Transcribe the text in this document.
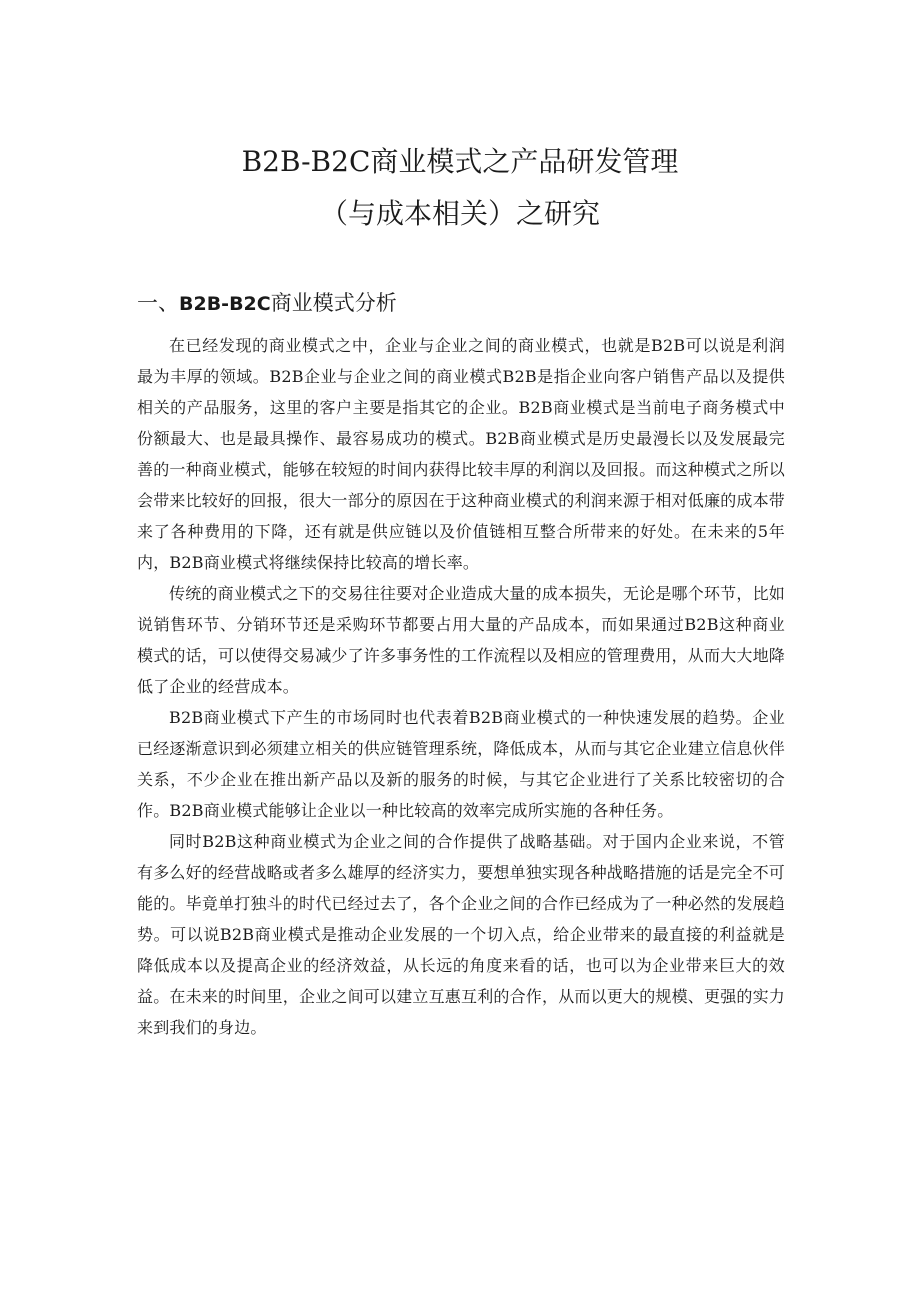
B2B-B2C商业模式之产品研发管理
（与成本相关）之研究
一、B2B-B2C商业模式分析

在已经发现的商业模式之中，企业与企业之间的商业模式，也就是B2B可以说是利润最为丰厚的领域。B2B企业与企业之间的商业模式B2B是指企业向客户销售产品以及提供相关的产品服务，这里的客户主要是指其它的企业。B2B商业模式是当前电子商务模式中份额最大、也是最具操作、最容易成功的模式。B2B商业模式是历史最漫长以及发展最完善的一种商业模式，能够在较短的时间内获得比较丰厚的利润以及回报。而这种模式之所以会带来比较好的回报，很大一部分的原因在于这种商业模式的利润来源于相对低廉的成本带来了各种费用的下降，还有就是供应链以及价值链相互整合所带来的好处。在未来的5年内，B2B商业模式将继续保持比较高的增长率。

传统的商业模式之下的交易往往要对企业造成大量的成本损失，无论是哪个环节，比如说销售环节、分销环节还是采购环节都要占用大量的产品成本，而如果通过B2B这种商业模式的话，可以使得交易减少了许多事务性的工作流程以及相应的管理费用，从而大大地降低了企业的经营成本。

B2B商业模式下产生的市场同时也代表着B2B商业模式的一种快速发展的趋势。企业已经逐渐意识到必须建立相关的供应链管理系统，降低成本，从而与其它企业建立信息伙伴关系，不少企业在推出新产品以及新的服务的时候，与其它企业进行了关系比较密切的合作。B2B商业模式能够让企业以一种比较高的效率完成所实施的各种任务。

同时B2B这种商业模式为企业之间的合作提供了战略基础。对于国内企业来说，不管有多么好的经营战略或者多么雄厚的经济实力，要想单独实现各种战略措施的话是完全不可能的。毕竟单打独斗的时代已经过去了，各个企业之间的合作已经成为了一种必然的发展趋势。可以说B2B商业模式是推动企业发展的一个切入点，给企业带来的最直接的利益就是降低成本以及提高企业的经济效益，从长远的角度来看的话，也可以为企业带来巨大的效益。在未来的时间里，企业之间可以建立互惠互利的合作，从而以更大的规模、更强的实力来到我们的身边。
